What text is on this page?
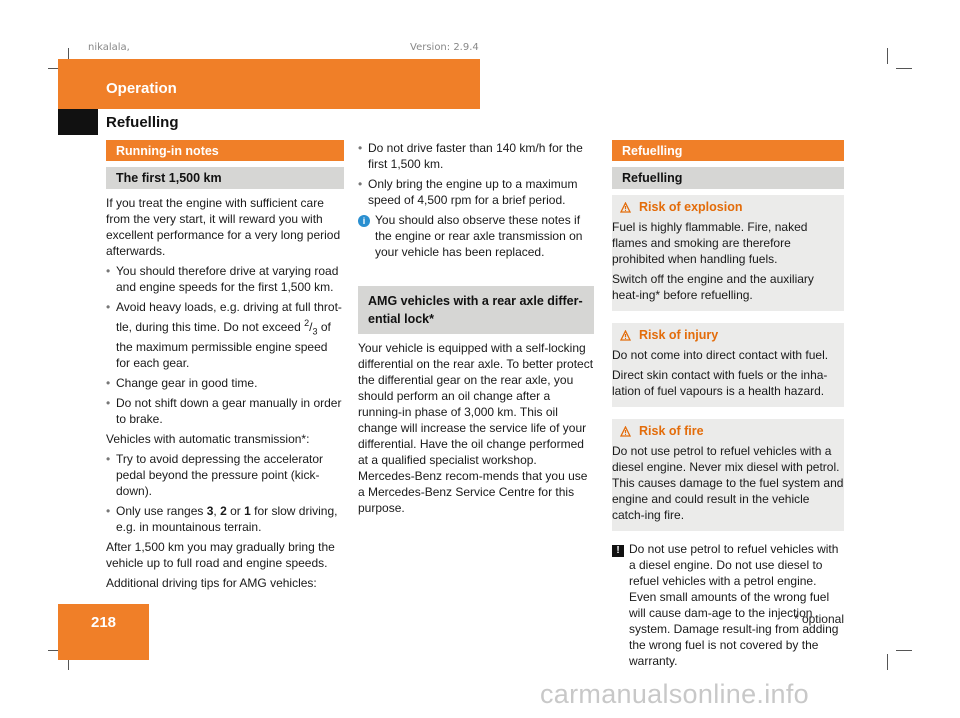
nikalala,	Version: 2.9.4
Operation
Refuelling
Running-in notes
The first 1,500 km

If you treat the engine with sufficient care from the very start, it will reward you with excellent performance for a very long period afterwards.

• You should therefore drive at varying road and engine speeds for the first 1,500 km.
• Avoid heavy loads, e.g. driving at full throt-tle, during this time. Do not exceed $^2/_3$ of the maximum permissible engine speed for each gear.
• Change gear in good time.
• Do not shift down a gear manually in order to brake.

Vehicles with automatic transmission*:

• Try to avoid depressing the accelerator pedal beyond the pressure point (kick-down).
• Only use ranges 3, 2 or 1 for slow driving, e.g. in mountainous terrain.

After 1,500 km you may gradually bring the vehicle up to full road and engine speeds.

Additional driving tips for AMG vehicles:

• Do not drive faster than 140 km/h for the first 1,500 km.
• Only bring the engine up to a maximum speed of 4,500 rpm for a brief period.
i You should also observe these notes if the engine or rear axle transmission on your vehicle has been replaced.
AMG vehicles with a rear axle differ-ential lock*

Your vehicle is equipped with a self-locking differential on the rear axle. To better protect the differential gear on the rear axle, you should perform an oil change after a running-in phase of 3,000 km. This oil change will increase the service life of your differential. Have the oil change performed at a qualified specialist workshop. Mercedes-Benz recom-mends that you use a Mercedes-Benz Service Centre for this purpose.

Refuelling
Refuelling
Risk of explosion

Fuel is highly flammable. Fire, naked flames and smoking are therefore prohibited when handling fuels.

Switch off the engine and the auxiliary heat-ing* before refuelling.

Risk of injury

Do not come into direct contact with fuel.

Direct skin contact with fuels or the inha-lation of fuel vapours is a health hazard.

Risk of fire

Do not use petrol to refuel vehicles with a diesel engine. Never mix diesel with petrol. This causes damage to the fuel system and engine and could result in the vehicle catch-ing fire.

! Do not use petrol to refuel vehicles with a diesel engine. Do not use diesel to refuel vehicles with a petrol engine. Even small amounts of the wrong fuel will cause dam-age to the injection system. Damage result-ing from adding the wrong fuel is not covered by the warranty.
218	* optional
carmanualsonline.info
